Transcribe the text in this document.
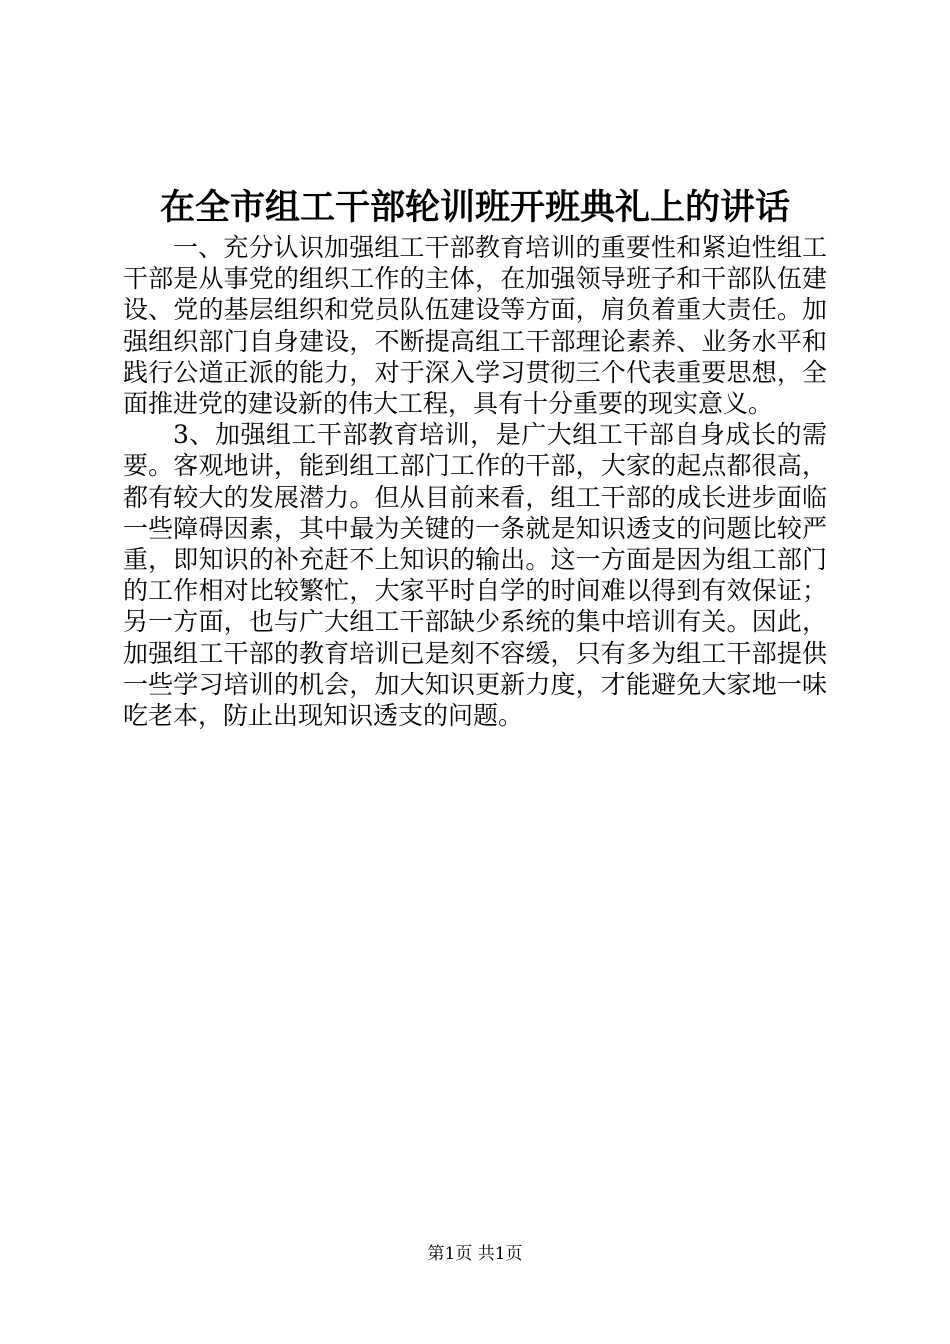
在全市组工干部轮训班开班典礼上的讲话

一、充分认识加强组工干部教育培训的重要性和紧迫性组工干部是从事党的组织工作的主体，在加强领导班子和干部队伍建设、党的基层组织和党员队伍建设等方面，肩负着重大责任。加强组织部门自身建设，不断提高组工干部理论素养、业务水平和践行公道正派的能力，对于深入学习贯彻三个代表重要思想，全面推进党的建设新的伟大工程，具有十分重要的现实意义。

3、加强组工干部教育培训，是广大组工干部自身成长的需要。客观地讲，能到组工部门工作的干部，大家的起点都很高，都有较大的发展潜力。但从目前来看，组工干部的成长进步面临一些障碍因素，其中最为关键的一条就是知识透支的问题比较严重，即知识的补充赶不上知识的输出。这一方面是因为组工部门的工作相对比较繁忙，大家平时自学的时间难以得到有效保证；另一方面，也与广大组工干部缺少系统的集中培训有关。因此，加强组工干部的教育培训已是刻不容缓，只有多为组工干部提供一些学习培训的机会，加大知识更新力度，才能避免大家地一味吃老本，防止出现知识透支的问题。

第1页 共1页
